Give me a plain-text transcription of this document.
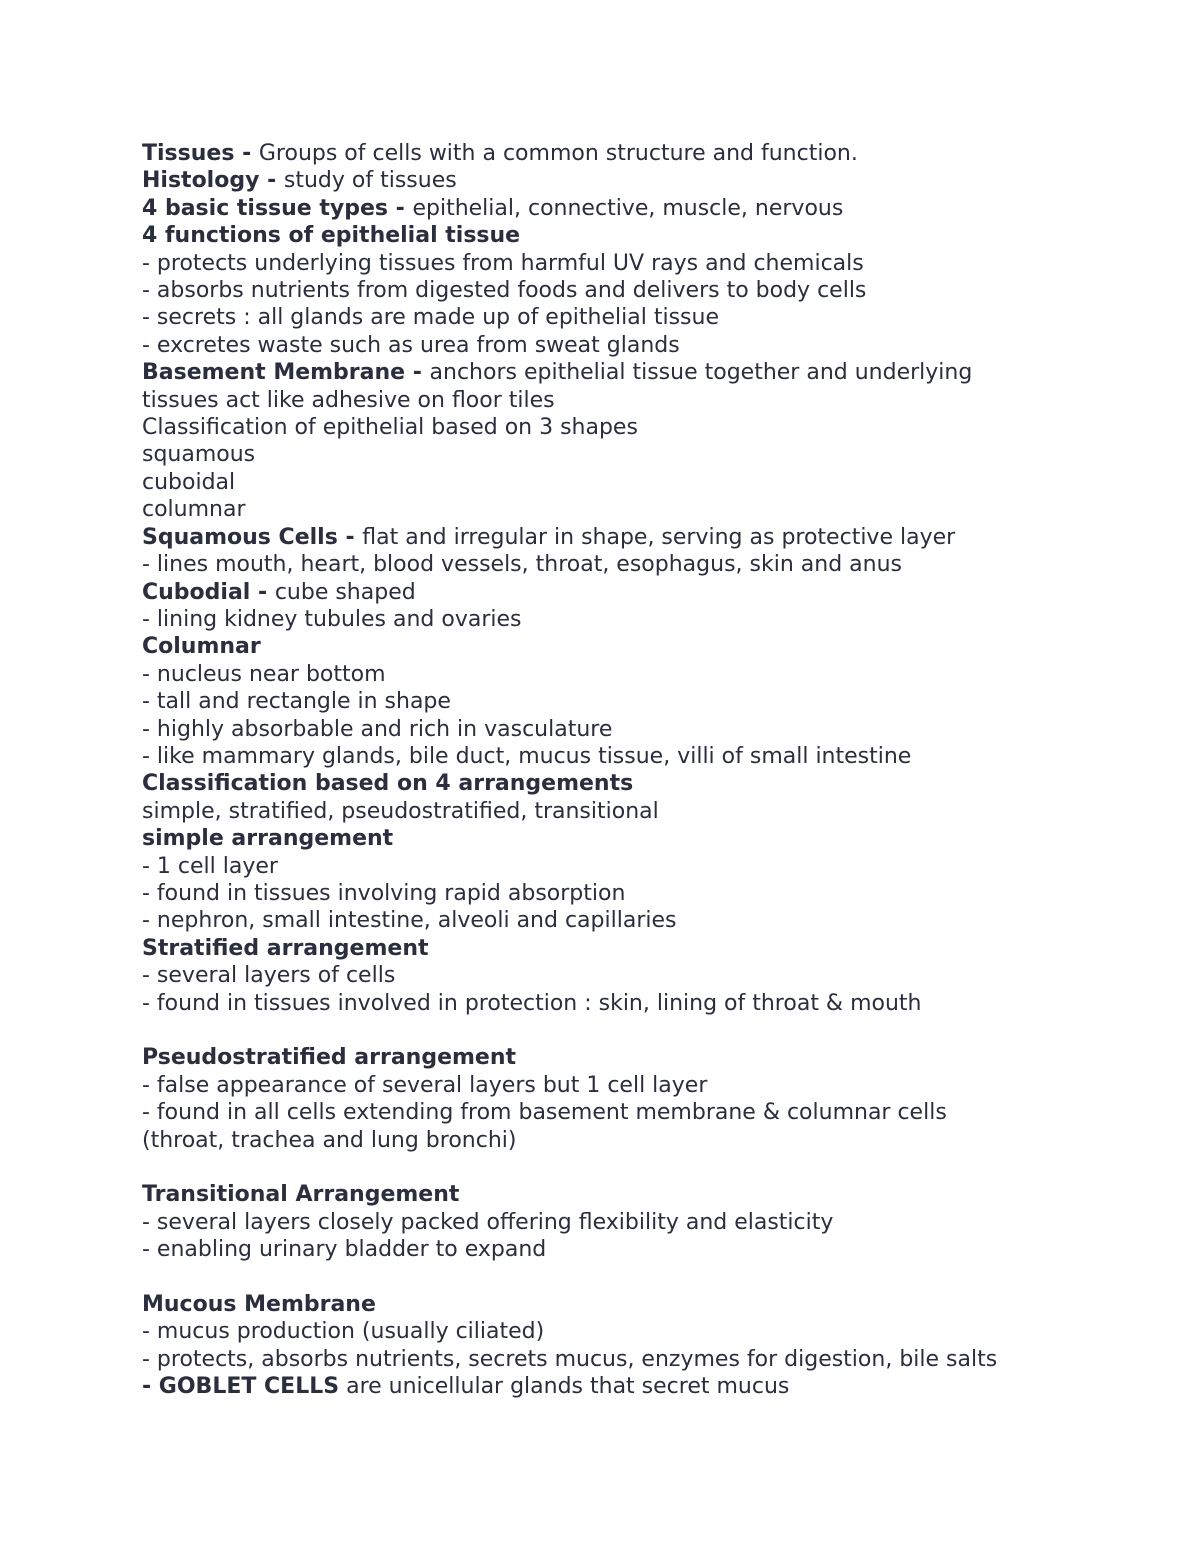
Tissues - Groups of cells with a common structure and function.
Histology - study of tissues
4 basic tissue types - epithelial, connective, muscle, nervous
4 functions of epithelial tissue
- protects underlying tissues from harmful UV rays and chemicals
- absorbs nutrients from digested foods and delivers to body cells
- secrets : all glands are made up of epithelial tissue
- excretes waste such as urea from sweat glands
Basement Membrane - anchors epithelial tissue together and underlying
tissues act like adhesive on floor tiles
Classification of epithelial based on 3 shapes
squamous
cuboidal
columnar
Squamous Cells - flat and irregular in shape, serving as protective layer
- lines mouth, heart, blood vessels, throat, esophagus, skin and anus
Cubodial - cube shaped
- lining kidney tubules and ovaries
Columnar
- nucleus near bottom
- tall and rectangle in shape
- highly absorbable and rich in vasculature
- like mammary glands, bile duct, mucus tissue, villi of small intestine
Classification based on 4 arrangements
simple, stratified, pseudostratified, transitional
simple arrangement
- 1 cell layer
- found in tissues involving rapid absorption
- nephron, small intestine, alveoli and capillaries
Stratified arrangement
- several layers of cells
- found in tissues involved in protection : skin, lining of throat & mouth
Pseudostratified arrangement
- false appearance of several layers but 1 cell layer
- found in all cells extending from basement membrane & columnar cells
(throat, trachea and lung bronchi)
Transitional Arrangement
- several layers closely packed offering flexibility and elasticity
- enabling urinary bladder to expand
Mucous Membrane
- mucus production (usually ciliated)
- protects, absorbs nutrients, secrets mucus, enzymes for digestion, bile salts
- GOBLET CELLS are unicellular glands that secret mucus
